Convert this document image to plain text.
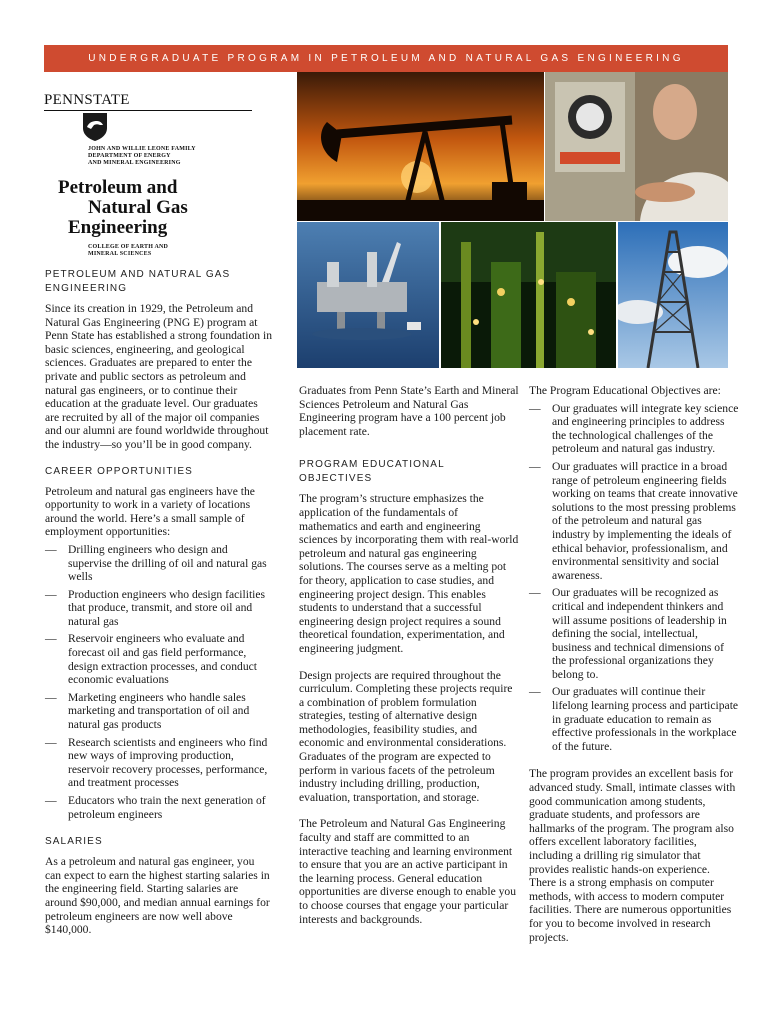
UNDERGRADUATE PROGRAM IN PETROLEUM AND NATURAL GAS ENGINEERING
PENNSTATE
JOHN AND WILLIE LEONE FAMILY
DEPARTMENT OF ENERGY
AND MINERAL ENGINEERING
Petroleum and
Natural Gas
Engineering
COLLEGE OF EARTH AND
MINERAL SCIENCES
PETROLEUM AND NATURAL GAS ENGINEERING

Since its creation in 1929, the Petroleum and Natural Gas Engineering (PNG E) program at Penn State has established a strong foundation in basic sciences, engineering, and geological sciences. Graduates are prepared to enter the private and public sectors as petroleum and natural gas engineers, or to continue their education at the graduate level. Our graduates are recruited by all of the major oil companies and our alumni are found worldwide throughout the industry—so you’ll be in good company.

CAREER OPPORTUNITIES

Petroleum and natural gas engineers have the opportunity to work in a variety of locations around the world. Here’s a small sample of employment opportunities:

— Drilling engineers who design and supervise the drilling of oil and natural gas wells
— Production engineers who design facilities that produce, transmit, and store oil and natural gas
— Reservoir engineers who evaluate and forecast oil and gas field performance, design extraction processes, and conduct economic evaluations
— Marketing engineers who handle sales marketing and transportation of oil and natural gas products
— Research scientists and engineers who find new ways of improving production, reservoir recovery processes, performance, and treatment processes
— Educators who train the next generation of petroleum engineers
SALARIES

As a petroleum and natural gas engineer, you can expect to earn the highest starting salaries in the engineering field. Starting salaries are around $90,000, and median annual earnings for petroleum engineers are now well above $140,000.

Graduates from Penn State’s Earth and Mineral Sciences Petroleum and Natural Gas Engineering program have a 100 percent job placement rate.

PROGRAM EDUCATIONAL OBJECTIVES

The program’s structure emphasizes the application of the fundamentals of mathematics and earth and engineering sciences by incorporating them with real-world petroleum and natural gas engineering solutions. The courses serve as a melting pot for theory, application to case studies, and engineering project design. This enables students to understand that a successful engineering design project requires a sound theoretical foundation, experimentation, and engineering judgment.

Design projects are required throughout the curriculum. Completing these projects require a combination of problem formulation strategies, testing of alternative design methodologies, feasibility studies, and economic and environmental considerations. Graduates of the program are expected to perform in various facets of the petroleum industry including drilling, production, evaluation, transportation, and storage.

The Petroleum and Natural Gas Engineering faculty and staff are committed to an interactive teaching and learning environment to ensure that you are an active participant in the learning process. General education opportunities are diverse enough to enable you to choose courses that engage your particular interests and backgrounds.

The Program Educational Objectives are:

— Our graduates will integrate key science and engineering principles to address the technological challenges of the petroleum and natural gas industry.
— Our graduates will practice in a broad range of petroleum engineering fields working on teams that create innovative solutions to the most pressing problems of the petroleum and natural gas industry by implementing the ideals of ethical behavior, professionalism, and environmental sensitivity and social awareness.
— Our graduates will be recognized as critical and independent thinkers and will assume positions of leadership in defining the social, intellectual, business and technical dimensions of the professional organizations they belong to.
— Our graduates will continue their lifelong learning process and participate in graduate education to remain as effective professionals in the workplace of the future.

The program provides an excellent basis for advanced study. Small, intimate classes with good communication among students, graduate students, and professors are hallmarks of the program. The program also offers excellent laboratory facilities, including a drilling rig simulator that provides realistic hands-on experience. There is a strong emphasis on computer methods, with access to modern computer facilities. There are numerous opportunities for you to become involved in research projects.
